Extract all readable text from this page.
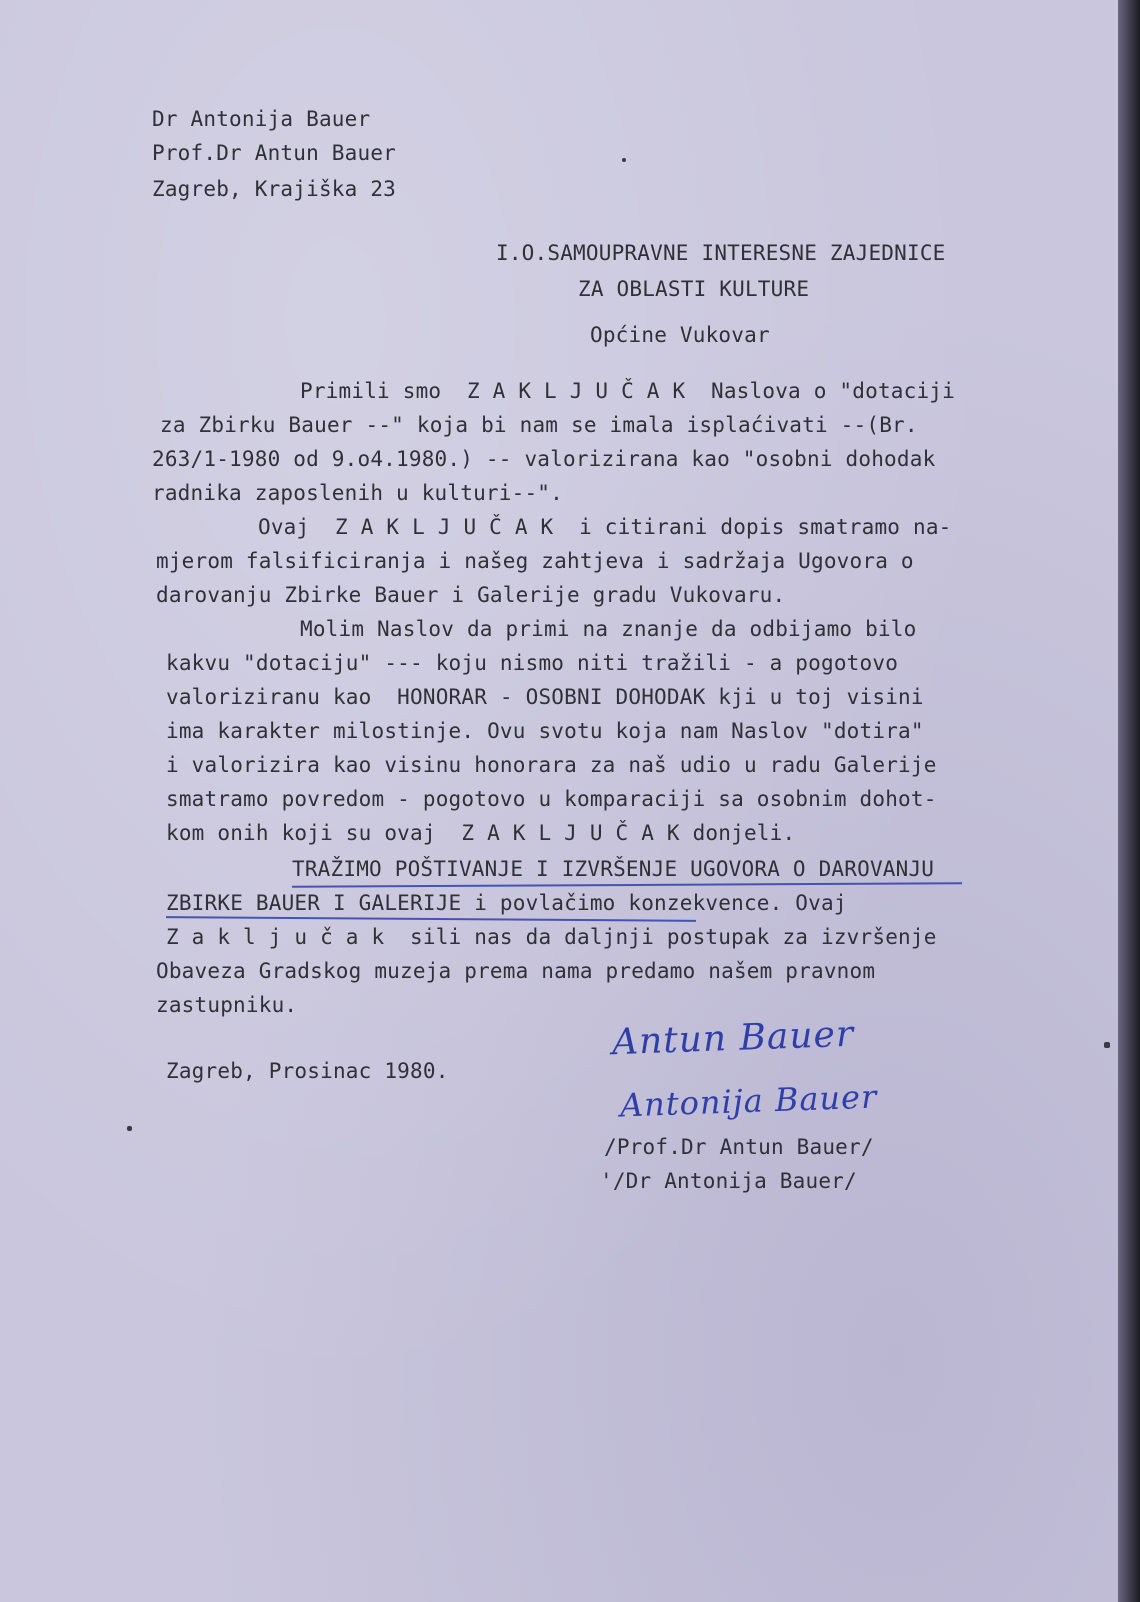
Dr Antonija Bauer
Prof.Dr Antun Bauer
Zagreb, Krajiška 23
I.O.SAMOUPRAVNE INTERESNE ZAJEDNICE
ZA OBLASTI KULTURE
Općine Vukovar
Primili smo  Z A K L J U Č A K  Naslova o "dotaciji
za Zbirku Bauer --" koja bi nam se imala isplaćivati --(Br.
263/1-1980 od 9.o4.1980.) -- valorizirana kao "osobni dohodak
radnika zaposlenih u kulturi--".
Ovaj  Z A K L J U Č A K  i citirani dopis smatramo na-
mjerom falsificiranja i našeg zahtjeva i sadržaja Ugovora o
darovanju Zbirke Bauer i Galerije gradu Vukovaru.
Molim Naslov da primi na znanje da odbijamo bilo
kakvu "dotaciju" --- koju nismo niti tražili - a pogotovo
valoriziranu kao  HONORAR - OSOBNI DOHODAK kji u toj visini
ima karakter milostinje. Ovu svotu koja nam Naslov "dotira"
i valorizira kao visinu honorara za naš udio u radu Galerije
smatramo povredom - pogotovo u komparaciji sa osobnim dohot-
kom onih koji su ovaj  Z A K L J U Č A K donjeli.
TRAŽIMO POŠTIVANJE I IZVRŠENJE UGOVORA O DAROVANJU
ZBIRKE BAUER I GALERIJE i povlačimo konzekvence. Ovaj
Z a k l j u č a k  sili nas da daljnji postupak za izvršenje
Obaveza Gradskog muzeja prema nama predamo našem pravnom
zastupniku.
Antun Bauer
Zagreb, Prosinac 1980.
Antonija Bauer
/Prof.Dr Antun Bauer/
'/Dr Antonija Bauer/
